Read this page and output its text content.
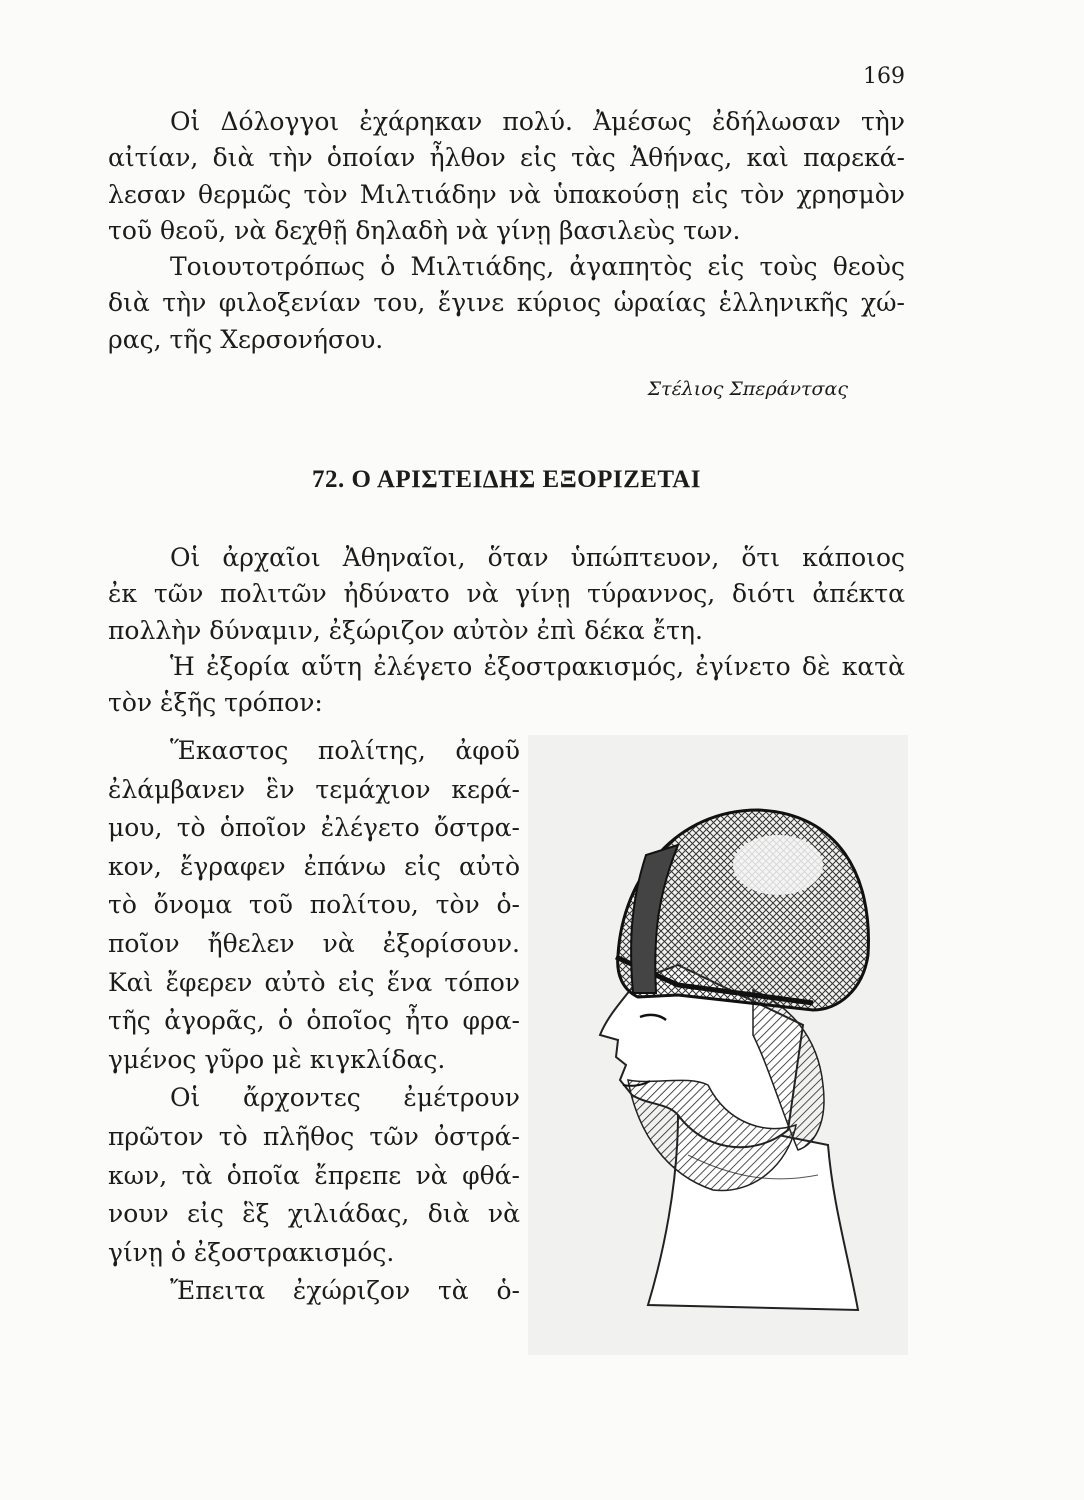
169
Οἱ Δόλογγοι ἐχάρηκαν πολύ. Ἀμέσως ἐδήλωσαν τὴν
αἰτίαν, διὰ τὴν ὁποίαν ἦλθον εἰς τὰς Ἀθήνας, καὶ παρεκά-
λεσαν θερμῶς τὸν Μιλτιάδην νὰ ὑπακούσῃ εἰς τὸν χρησμὸν
τοῦ θεοῦ, νὰ δεχθῇ δηλαδὴ νὰ γίνῃ βασιλεὺς των.
Τοιουτοτρόπως ὁ Μιλτιάδης, ἀγαπητὸς εἰς τοὺς θεοὺς
διὰ τὴν φιλοξενίαν του, ἔγινε κύριος ὡραίας ἑλληνικῆς χώ-
ρας, τῆς Χερσονήσου.
Στέλιος Σπεράντσας
72. Ο ΑΡΙΣΤΕΙΔΗΣ ΕΞΟΡΙΖΕΤΑΙ
Οἱ ἀρχαῖοι Ἀθηναῖοι, ὅταν ὑπώπτευον, ὅτι κάποιος
ἐκ τῶν πολιτῶν ἠδύνατο νὰ γίνῃ τύραννος, διότι ἀπέκτα
πολλὴν δύναμιν, ἐξώριζον αὐτὸν ἐπὶ δέκα ἔτη.
Ἡ ἐξορία αὕτη ἐλέγετο ἐξοστρακισμός, ἐγίνετο δὲ κατὰ
τὸν ἑξῆς τρόπον:
Ἕκαστος πολίτης, ἀφοῦ
ἐλάμβανεν ἓν τεμάχιον κερά-
μου, τὸ ὁποῖον ἐλέγετο ὄστρα-
κον, ἔγραφεν ἐπάνω εἰς αὐτὸ
τὸ ὄνομα τοῦ πολίτου, τὸν ὁ-
ποῖον ἤθελεν νὰ ἐξορίσουν.
Καὶ ἔφερεν αὐτὸ εἰς ἕνα τόπον
τῆς ἀγορᾶς, ὁ ὁποῖος ἦτο φρα-
γμένος γῦρο μὲ κιγκλίδας.
Οἱ ἄρχοντες ἐμέτρουν
πρῶτον τὸ πλῆθος τῶν ὀστρά-
κων, τὰ ὁποῖα ἔπρεπε νὰ φθά-
νουν εἰς ἓξ χιλιάδας, διὰ νὰ
γίνῃ ὁ ἐξοστρακισμός.
Ἔπειτα ἐχώριζον τὰ ὁ-
